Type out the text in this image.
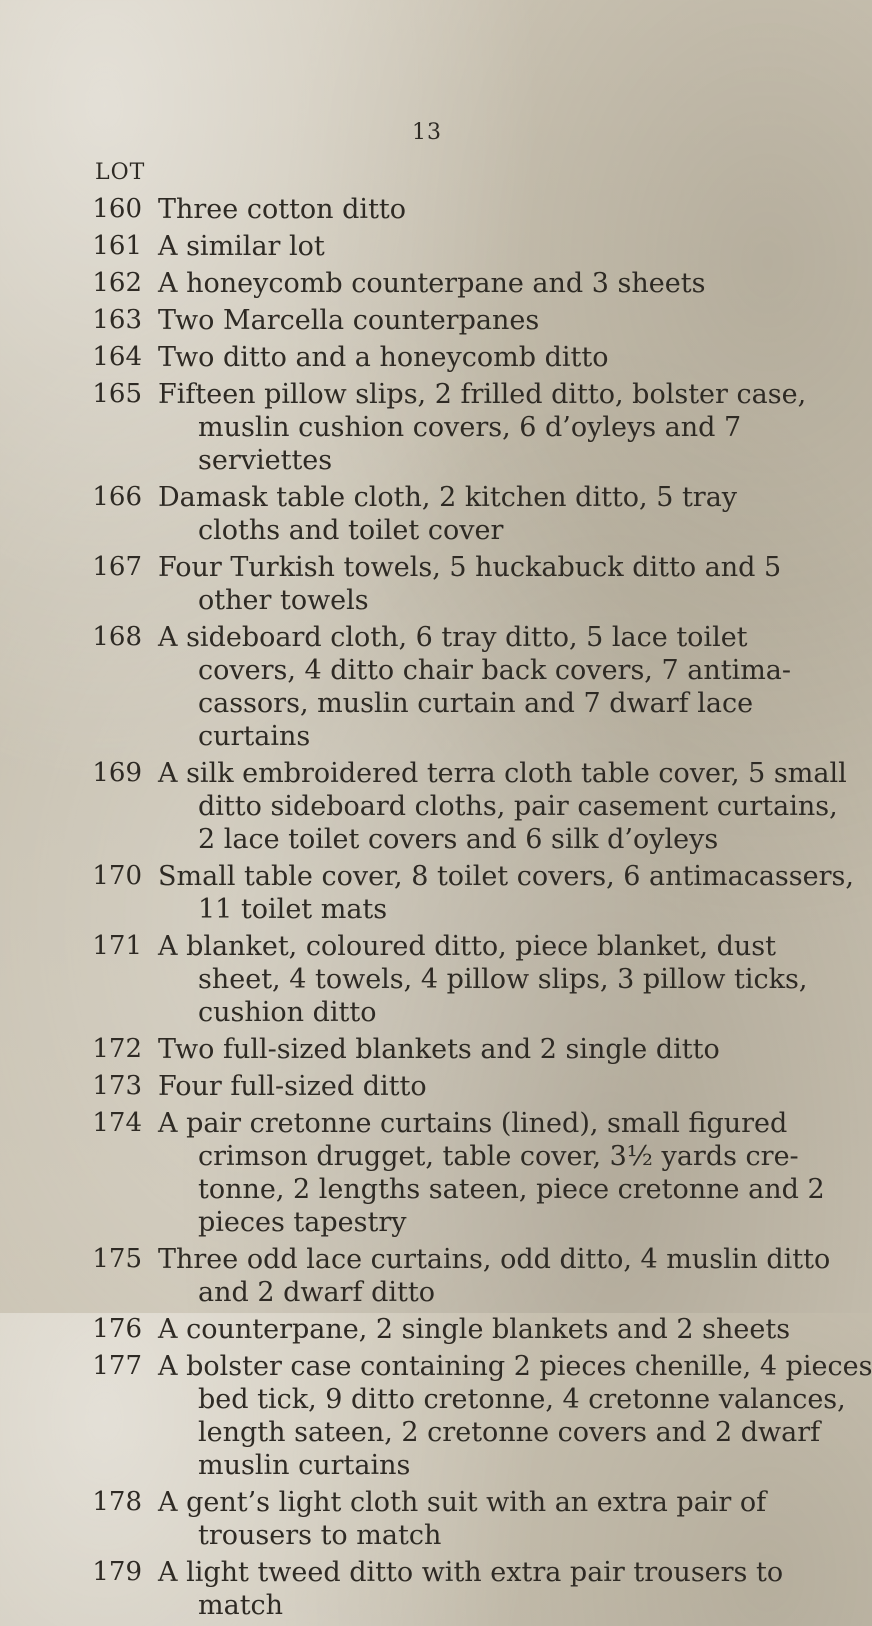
13
LOT
160 Three cotton ditto
161 A similar lot
162 A honeycomb counterpane and 3 sheets
163 Two Marcella counterpanes
164 Two ditto and a honeycomb ditto
165 Fifteen pillow slips, 2 frilled ditto, bolster case,
muslin cushion covers, 6 d’oyleys and 7
serviettes
166 Damask table cloth, 2 kitchen ditto, 5 tray
cloths and toilet cover
167 Four Turkish towels, 5 huckabuck ditto and 5
other towels
168 A sideboard cloth, 6 tray ditto, 5 lace toilet
covers, 4 ditto chair back covers, 7 antima-
cassors, muslin curtain and 7 dwarf lace
curtains
169 A silk embroidered terra cloth table cover, 5 small
ditto sideboard cloths, pair casement curtains,
2 lace toilet covers and 6 silk d’oyleys
170 Small table cover, 8 toilet covers, 6 antimacassers,
11 toilet mats
171 A blanket, coloured ditto, piece blanket, dust
sheet, 4 towels, 4 pillow slips, 3 pillow ticks,
cushion ditto
172 Two full-sized blankets and 2 single ditto
173 Four full-sized ditto
174 A pair cretonne curtains (lined), small figured
crimson drugget, table cover, 3½ yards cre-
tonne, 2 lengths sateen, piece cretonne and 2
pieces tapestry
175 Three odd lace curtains, odd ditto, 4 muslin ditto
and 2 dwarf ditto
176 A counterpane, 2 single blankets and 2 sheets
177 A bolster case containing 2 pieces chenille, 4 pieces
bed tick, 9 ditto cretonne, 4 cretonne valances,
length sateen, 2 cretonne covers and 2 dwarf
muslin curtains
178 A gent’s light cloth suit with an extra pair of
trousers to match
179 A light tweed ditto with extra pair trousers to
match
